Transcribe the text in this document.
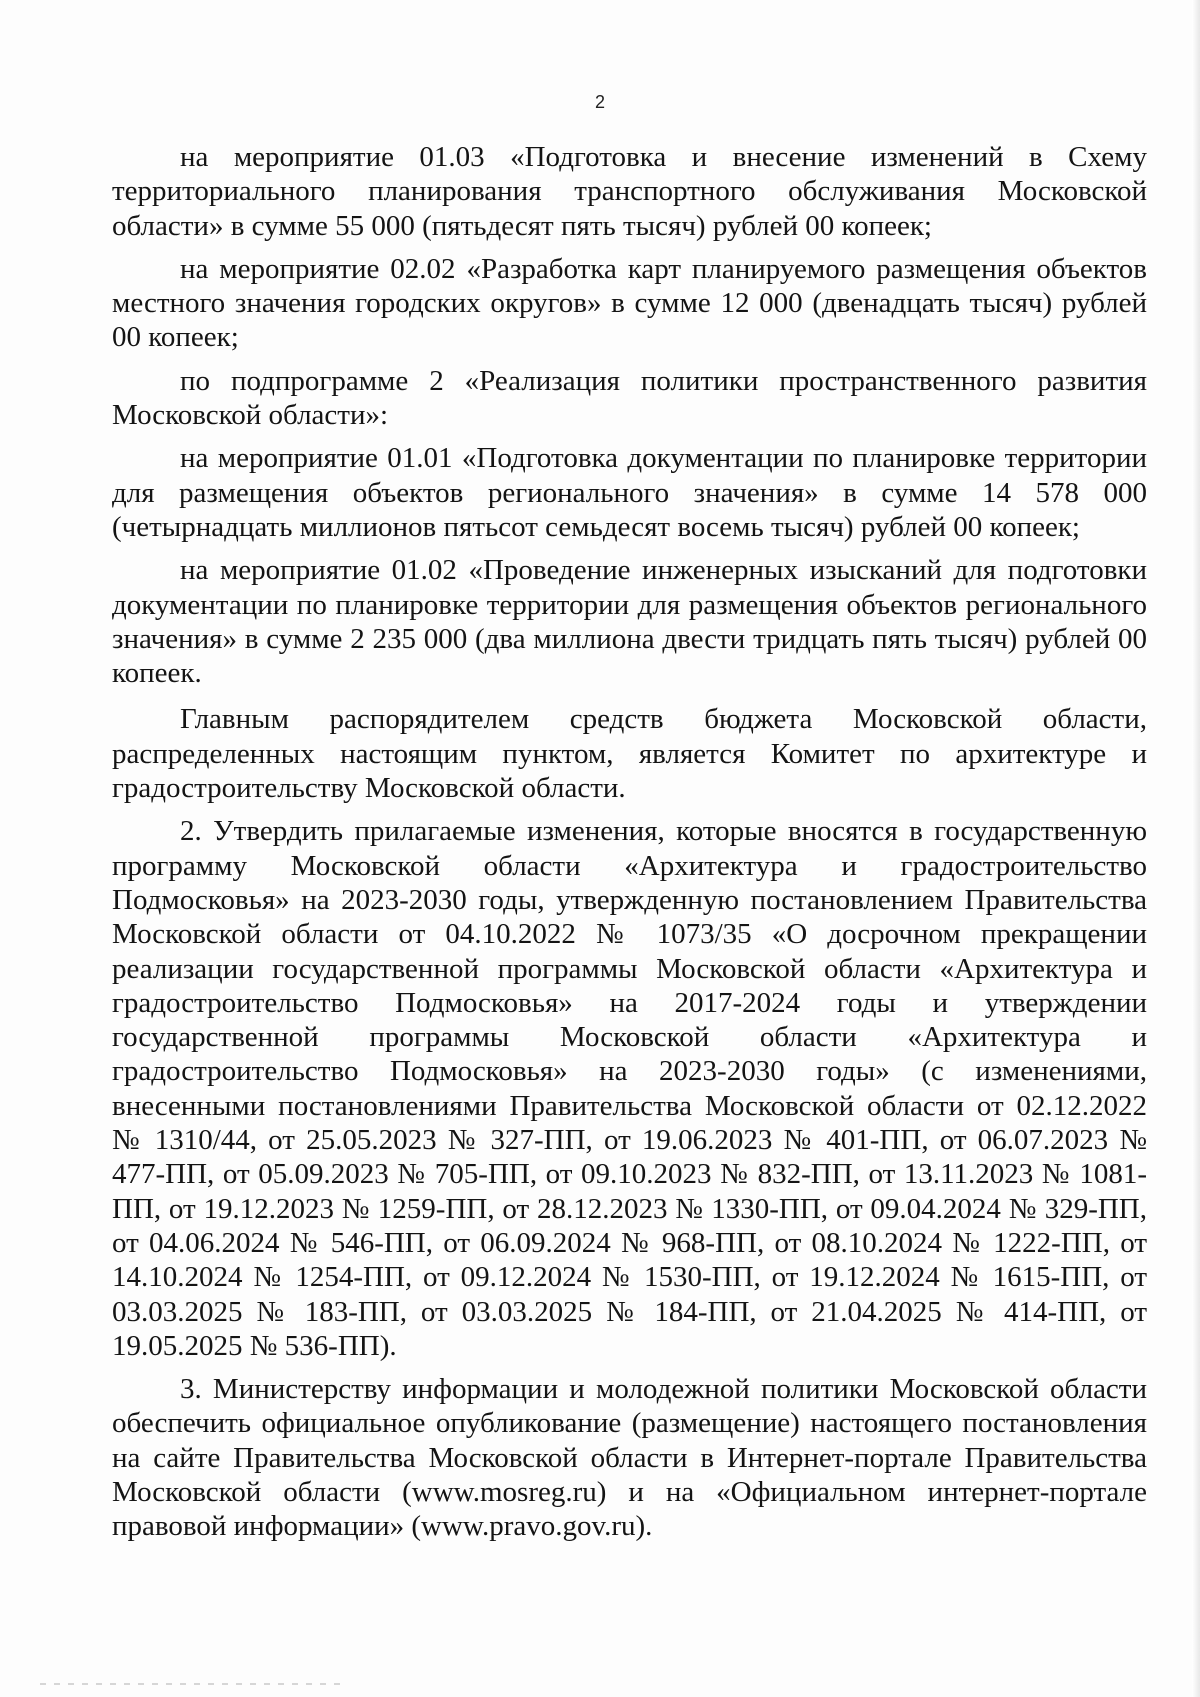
2

на мероприятие 01.03 «Подготовка и внесение изменений в Схему территориального планирования транспортного обслуживания Московской области» в сумме 55 000 (пятьдесят пять тысяч) рублей 00 копеек;

на мероприятие 02.02 «Разработка карт планируемого размещения объектов местного значения городских округов» в сумме 12 000 (двенадцать тысяч) рублей 00 копеек;

по подпрограмме 2 «Реализация политики пространственного развития Московской области»:

на мероприятие 01.01 «Подготовка документации по планировке территории для размещения объектов регионального значения» в сумме 14 578 000 (четырнадцать миллионов пятьсот семьдесят восемь тысяч) рублей 00 копеек;

на мероприятие 01.02 «Проведение инженерных изысканий для подготовки документации по планировке территории для размещения объектов регионального значения» в сумме 2 235 000 (два миллиона двести тридцать пять тысяч) рублей 00 копеек.

Главным распорядителем средств бюджета Московской области, распределенных настоящим пунктом, является Комитет по архитектуре и градостроительству Московской области.

2. Утвердить прилагаемые изменения, которые вносятся в государственную программу Московской области «Архитектура и градостроительство Подмосковья» на 2023-2030 годы, утвержденную постановлением Правительства Московской области от 04.10.2022 № 1073/35 «О досрочном прекращении реализации государственной программы Московской области «Архитектура и градостроительство Подмосковья» на 2017-2024 годы и утверждении государственной программы Московской области «Архитектура и градостроительство Подмосковья» на 2023-2030 годы» (с изменениями, внесенными постановлениями Правительства Московской области от 02.12.2022 № 1310/44, от 25.05.2023 № 327-ПП, от 19.06.2023 № 401-ПП, от 06.07.2023 № 477-ПП, от 05.09.2023 № 705-ПП, от 09.10.2023 № 832-ПП, от 13.11.2023 № 1081-ПП, от 19.12.2023 № 1259-ПП, от 28.12.2023 № 1330-ПП, от 09.04.2024 № 329-ПП, от 04.06.2024 № 546-ПП, от 06.09.2024 № 968-ПП, от 08.10.2024 № 1222-ПП, от 14.10.2024 № 1254-ПП, от 09.12.2024 № 1530-ПП, от 19.12.2024 № 1615-ПП, от 03.03.2025 № 183-ПП, от 03.03.2025 № 184-ПП, от 21.04.2025 № 414-ПП, от 19.05.2025 № 536-ПП).

3. Министерству информации и молодежной политики Московской области обеспечить официальное опубликование (размещение) настоящего постановления на сайте Правительства Московской области в Интернет-портале Правительства Московской области (www.mosreg.ru) и на «Официальном интернет-портале правовой информации» (www.pravo.gov.ru).
